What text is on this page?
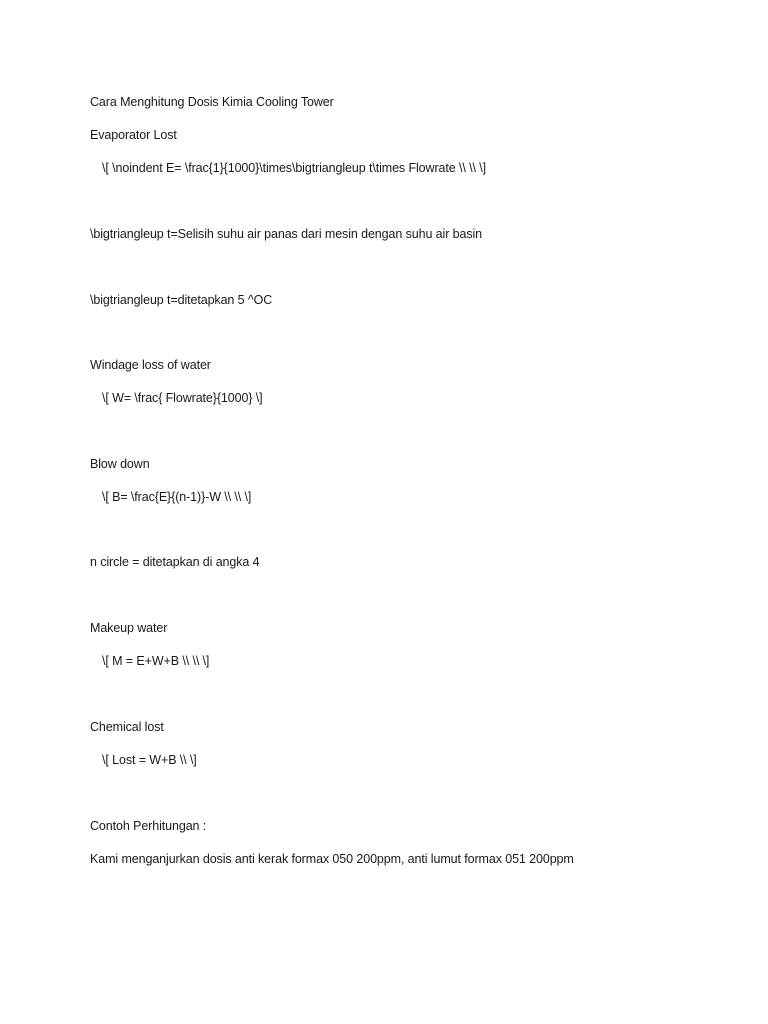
Cara Menghitung Dosis Kimia Cooling Tower
Evaporator Lost
\[ \noindent E= \frac{1}{1000}\times\bigtriangleup t\times Flowrate \\ \\ \]
\bigtriangleup t=Selisih suhu air panas dari mesin dengan suhu air basin
\bigtriangleup t=ditetapkan 5 ^OC
Windage loss of water
\[ W= \frac{ Flowrate}{1000} \]
Blow down
\[ B= \frac{E}{(n-1)}-W \\ \\ \]
n circle = ditetapkan di angka 4
Makeup water
\[ M = E+W+B \\ \\ \]
Chemical lost
\[ Lost = W+B \\ \]
Contoh Perhitungan :
Kami menganjurkan dosis anti kerak formax 050 200ppm, anti lumut formax 051 200ppm
